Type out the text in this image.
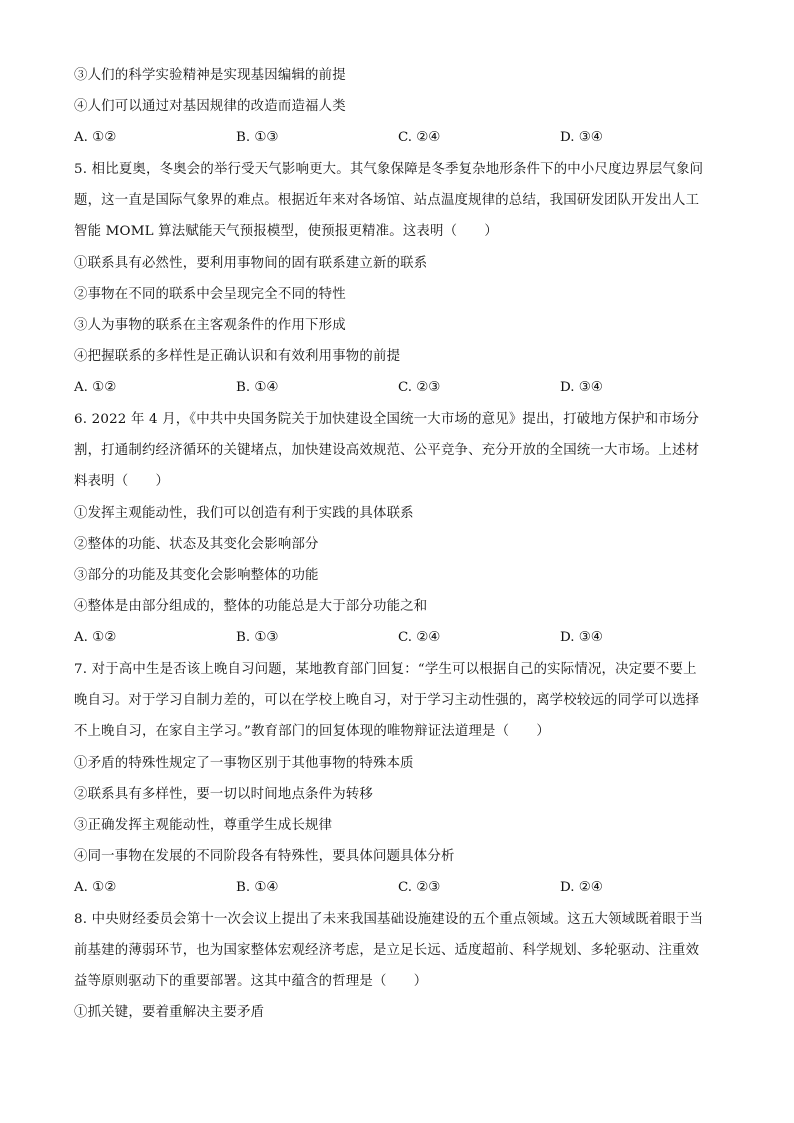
③人们的科学实验精神是实现基因编辑的前提
④人们可以通过对基因规律的改造而造福人类
A. ①②	B. ①③	C. ②④	D. ③④
5. 相比夏奥，冬奥会的举行受天气影响更大。其气象保障是冬季复杂地形条件下的中小尺度边界层气象问
题，这一直是国际气象界的难点。根据近年来对各场馆、站点温度规律的总结，我国研发团队开发出人工
智能 MOML 算法赋能天气预报模型，使预报更精准。这表明（　　）
①联系具有必然性，要利用事物间的固有联系建立新的联系
②事物在不同的联系中会呈现完全不同的特性
③人为事物的联系在主客观条件的作用下形成
④把握联系的多样性是正确认识和有效利用事物的前提
A. ①②	B. ①④	C. ②③	D. ③④
6. 2022 年 4 月，《中共中央国务院关于加快建设全国统一大市场的意见》提出，打破地方保护和市场分
割，打通制约经济循环的关键堵点，加快建设高效规范、公平竞争、充分开放的全国统一大市场。上述材
料表明（　　）
①发挥主观能动性，我们可以创造有利于实践的具体联系
②整体的功能、状态及其变化会影响部分
③部分的功能及其变化会影响整体的功能
④整体是由部分组成的，整体的功能总是大于部分功能之和
A. ①②	B. ①③	C. ②④	D. ③④
7. 对于高中生是否该上晚自习问题，某地教育部门回复：“学生可以根据自己的实际情况，决定要不要上
晚自习。对于学习自制力差的，可以在学校上晚自习，对于学习主动性强的，离学校较远的同学可以选择
不上晚自习，在家自主学习。”教育部门的回复体现的唯物辩证法道理是（　　）
①矛盾的特殊性规定了一事物区别于其他事物的特殊本质
②联系具有多样性，要一切以时间地点条件为转移
③正确发挥主观能动性，尊重学生成长规律
④同一事物在发展的不同阶段各有特殊性，要具体问题具体分析
A. ①②	B. ①④	C. ②③	D. ②④
8. 中央财经委员会第十一次会议上提出了未来我国基础设施建设的五个重点领域。这五大领域既着眼于当
前基建的薄弱环节，也为国家整体宏观经济考虑，是立足长远、适度超前、科学规划、多轮驱动、注重效
益等原则驱动下的重要部署。这其中蕴含的哲理是（　　）
①抓关键，要着重解决主要矛盾
